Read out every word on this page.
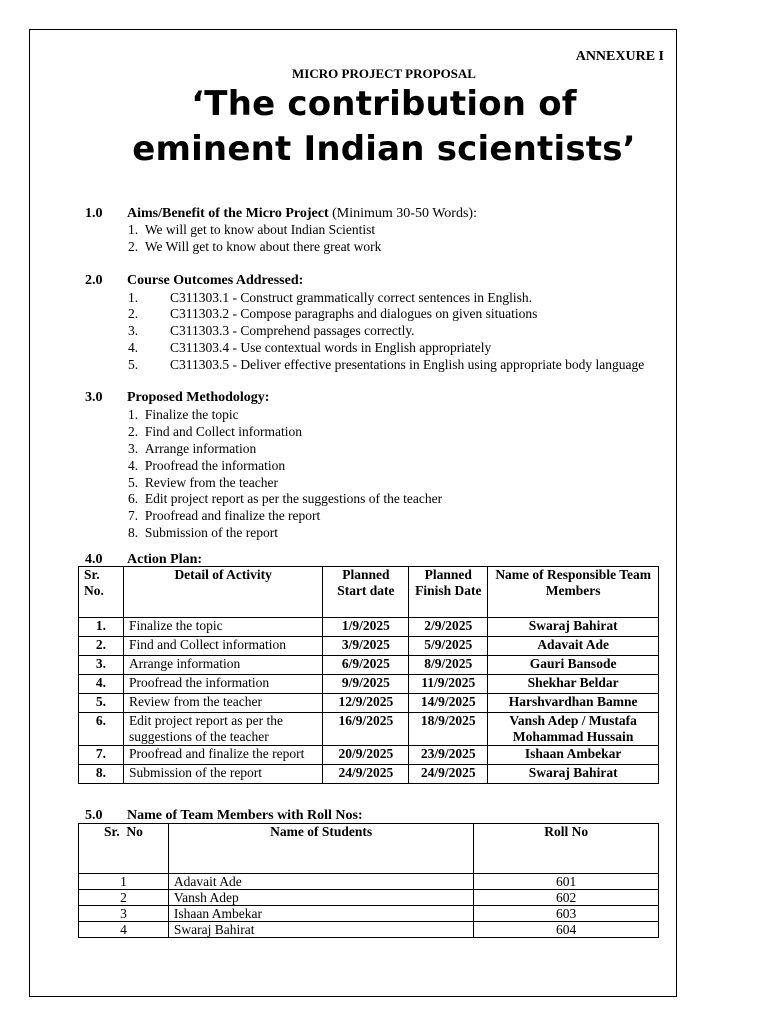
ANNEXURE I
MICRO PROJECT PROPOSAL
‘The contribution of
eminent Indian scientists’
1.0 Aims/Benefit of the Micro Project (Minimum 30-50 Words):
1.  We will get to know about Indian Scientist
2.  We Will get to know about there great work
2.0 Course Outcomes Addressed:
1. C311303.1 - Construct grammatically correct sentences in English.
2. C311303.2 - Compose paragraphs and dialogues on given situations
3. C311303.3 - Comprehend passages correctly.
4. C311303.4 - Use contextual words in English appropriately
5. C311303.5 - Deliver effective presentations in English using appropriate body language
3.0 Proposed Methodology:
1.  Finalize the topic
2.  Find and Collect information
3.  Arrange information
4.  Proofread the information
5.  Review from the teacher
6.  Edit project report as per the suggestions of the teacher
7.  Proofread and finalize the report
8.  Submission of the report
4.0 Action Plan:
Sr. No.	Detail of Activity	Planned Start date	Planned Finish Date	Name of Responsible Team Members
1.	Finalize the topic	1/9/2025	2/9/2025	Swaraj Bahirat
2.	Find and Collect information	3/9/2025	5/9/2025	Adavait Ade
3.	Arrange information	6/9/2025	8/9/2025	Gauri Bansode
4.	Proofread the information	9/9/2025	11/9/2025	Shekhar Beldar
5.	Review from the teacher	12/9/2025	14/9/2025	Harshvardhan Bamne
6.	Edit project report as per the suggestions of the teacher	16/9/2025	18/9/2025	Vansh Adep / Mustafa Mohammad Hussain
7.	Proofread and finalize the report	20/9/2025	23/9/2025	Ishaan Ambekar
8.	Submission of the report	24/9/2025	24/9/2025	Swaraj Bahirat
5.0 Name of Team Members with Roll Nos:
Sr.  No	Name of Students	Roll No
1	Adavait Ade	601
2	Vansh Adep	602
3	Ishaan Ambekar	603
4	Swaraj Bahirat	604
